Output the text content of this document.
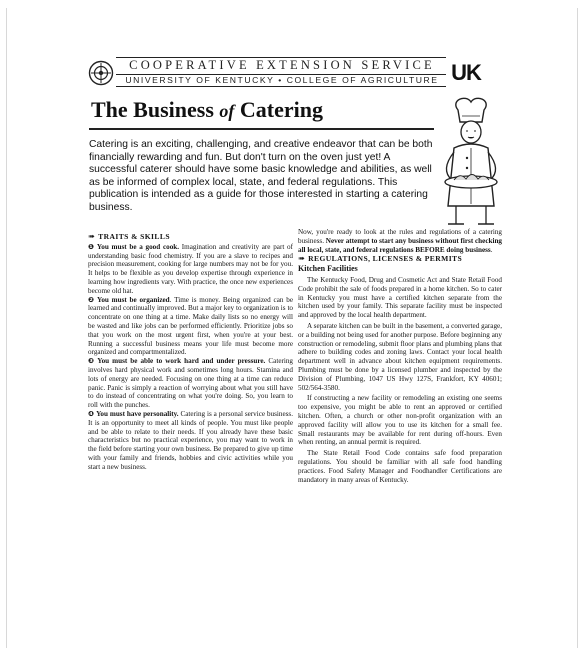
COOPERATIVE EXTENSION SERVICE
UNIVERSITY OF KENTUCKY • COLLEGE OF AGRICULTURE UK
The Business of Catering
Catering is an exciting, challenging, and creative endeavor that can be both financially rewarding and fun. But don't turn on the oven just yet! A successful caterer should have some basic knowledge and abilities, as well as be informed of complex local, state, and federal regulations. This publication is intended as a guide for those interested in starting a catering business.
➠ TRAITS & SKILLS

❶ You must be a good cook. Imagination and creativity are part of understanding basic food chemistry. If you are a slave to recipes and precision measurement, cooking for large numbers may not be for you. It helps to be flexible as you develop expertise through experience in learning how ingredients vary. With practice, the once new experiences become old hat.

❷ You must be organized. Time is money. Being organized can be learned and continually improved. But a major key to organization is to concentrate on one thing at a time. Make daily lists so no energy will be wasted and like jobs can be performed efficiently. Prioritize jobs so that you work on the most urgent first, when you're at your best. Running a successful business means your life must become more organized and compartmentalized.

❸ You must be able to work hard and under pressure. Catering involves hard physical work and sometimes long hours. Stamina and lots of energy are needed. Focusing on one thing at a time can reduce panic. Panic is simply a reaction of worrying about what you still have to do instead of concentrating on what you're doing. So, you learn to roll with the punches.

❹ You must have personality. Catering is a personal service business. It is an opportunity to meet all kinds of people. You must like people and be able to relate to their needs. If you already have these basic characteristics but no practical experience, you may want to work in the field before starting your own business. Be prepared to give up time with your family and friends, hobbies and civic activities while you start a new business.

Now, you're ready to look at the rules and regulations of a catering business. Never attempt to start any business without first checking all local, state, and federal regulations BEFORE doing business.

➠ REGULATIONS, LICENSES & PERMITS
Kitchen Facilities

The Kentucky Food, Drug and Cosmetic Act and State Retail Food Code prohibit the sale of foods prepared in a home kitchen. So to cater in Kentucky you must have a certified kitchen separate from the kitchen used by your family. This separate facility must be inspected and approved by the local health department.

A separate kitchen can be built in the basement, a converted garage, or a building not being used for another purpose. Before beginning any construction or remodeling, submit floor plans and plumbing plans that adhere to building codes and zoning laws. Contact your local health department well in advance about kitchen equipment requirements. Plumbing must be done by a licensed plumber and inspected by the Division of Plumbing, 1047 US Hwy 127S, Frankfort, KY 40601; 502/564-3580.

If constructing a new facility or remodeling an existing one seems too expensive, you might be able to rent an approved or certified kitchen. Often, a church or other non-profit organization with an approved facility will allow you to use its kitchen for a small fee. Small restaurants may be available for rent during off-hours. Even when renting, an annual permit is required.

The State Retail Food Code contains safe food preparation regulations. You should be familiar with all safe food handling practices. Food Safety Manager and Foodhandler Certifications are mandatory in many areas of Kentucky.
